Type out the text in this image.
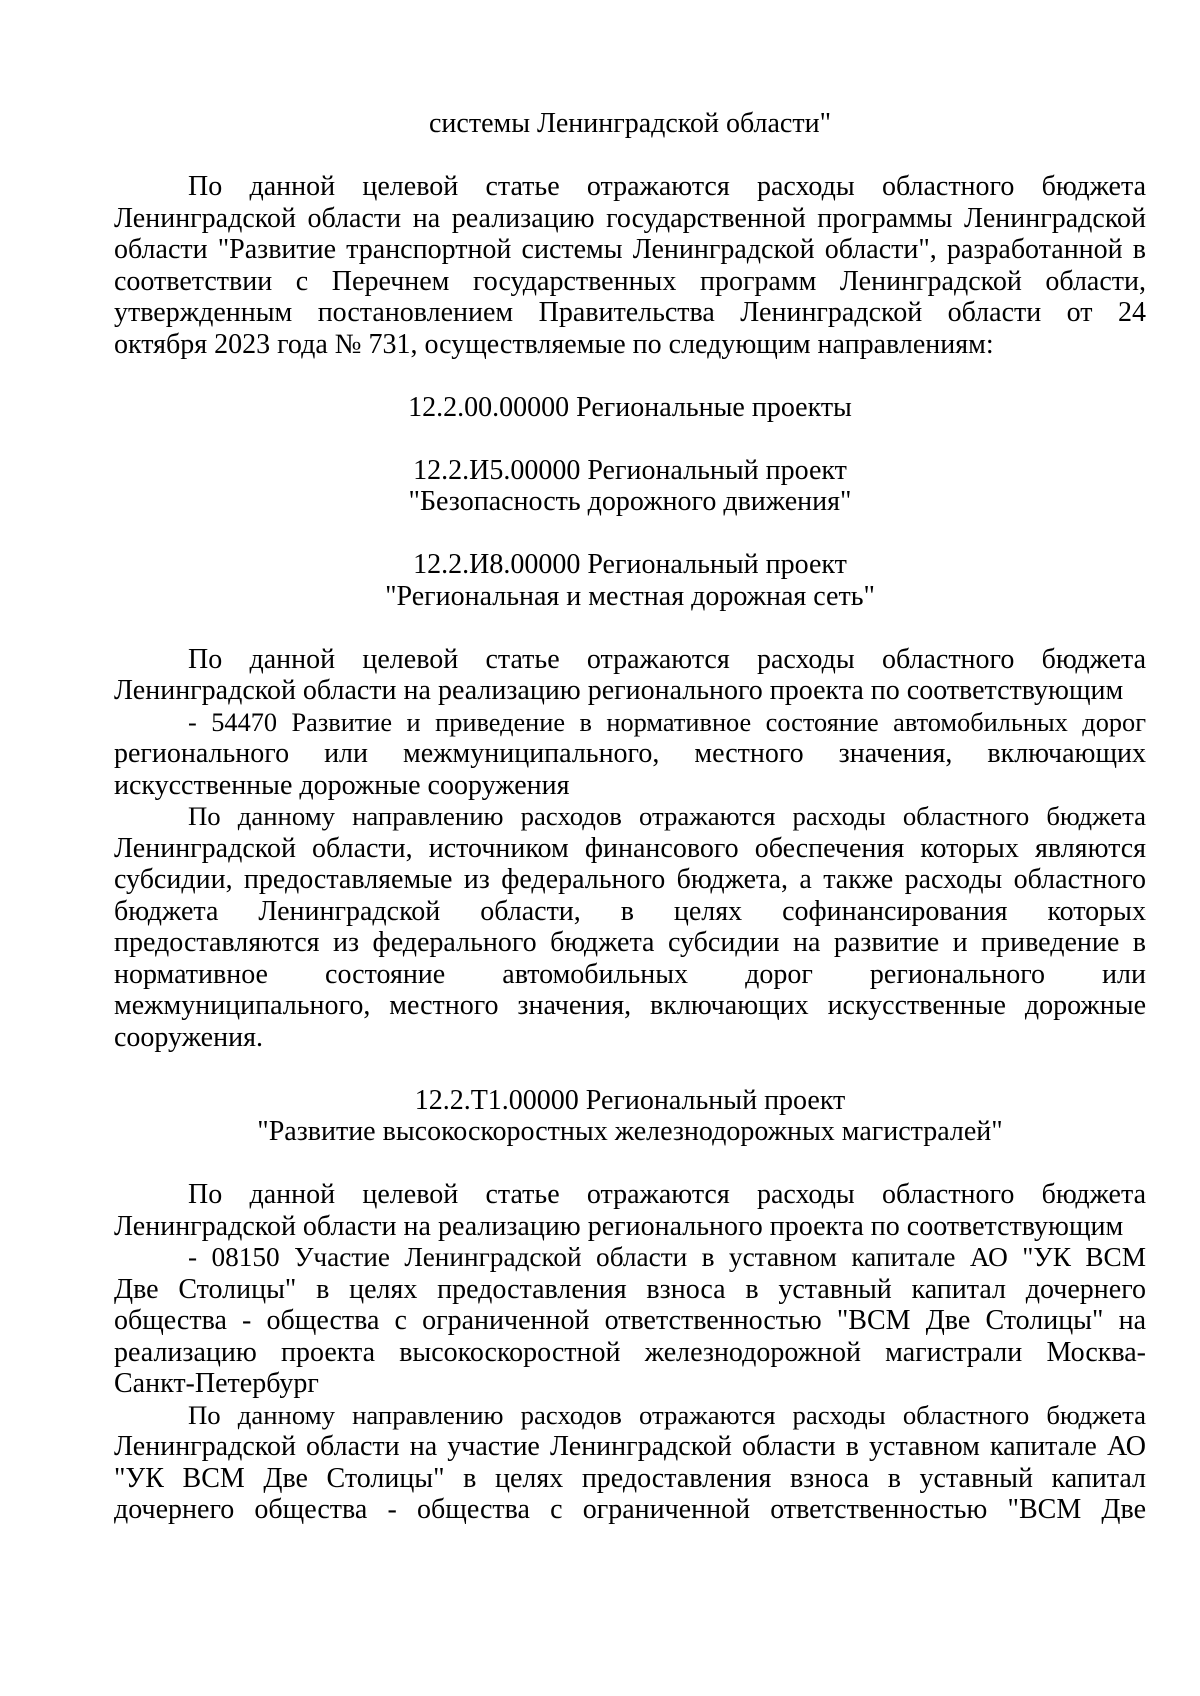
системы Ленинградской области"
По данной целевой статье отражаются расходы областного бюджета
Ленинградской области на реализацию государственной программы Ленинградской
области "Развитие транспортной системы Ленинградской области", разработанной в
соответствии с Перечнем государственных программ Ленинградской области,
утвержденным постановлением Правительства Ленинградской области от 24
октября 2023 года № 731, осуществляемые по следующим направлениям:
12.2.00.00000 Региональные проекты
12.2.И5.00000 Региональный проект
"Безопасность дорожного движения"
12.2.И8.00000 Региональный проект
"Региональная и местная дорожная сеть"
По данной целевой статье отражаются расходы областного бюджета
Ленинградской области на реализацию регионального проекта по соответствующим
- 54470 Развитие и приведение в нормативное состояние автомобильных дорог
регионального или межмуниципального, местного значения, включающих
искусственные дорожные сооружения
По данному направлению расходов отражаются расходы областного бюджета
Ленинградской области, источником финансового обеспечения которых являются
субсидии, предоставляемые из федерального бюджета, а также расходы областного
бюджета Ленинградской области, в целях софинансирования которых
предоставляются из федерального бюджета субсидии на развитие и приведение в
нормативное состояние автомобильных дорог регионального или
межмуниципального, местного значения, включающих искусственные дорожные
сооружения.
12.2.Т1.00000 Региональный проект
"Развитие высокоскоростных железнодорожных магистралей"
По данной целевой статье отражаются расходы областного бюджета
Ленинградской области на реализацию регионального проекта по соответствующим
- 08150 Участие Ленинградской области в уставном капитале АО "УК ВСМ
Две Столицы" в целях предоставления взноса в уставный капитал дочернего
общества - общества с ограниченной ответственностью "ВСМ Две Столицы" на
реализацию проекта высокоскоростной железнодорожной магистрали Москва-
Санкт-Петербург
По данному направлению расходов отражаются расходы областного бюджета
Ленинградской области на участие Ленинградской области в уставном капитале АО
"УК ВСМ Две Столицы" в целях предоставления взноса в уставный капитал
дочернего общества - общества с ограниченной ответственностью "ВСМ Две
